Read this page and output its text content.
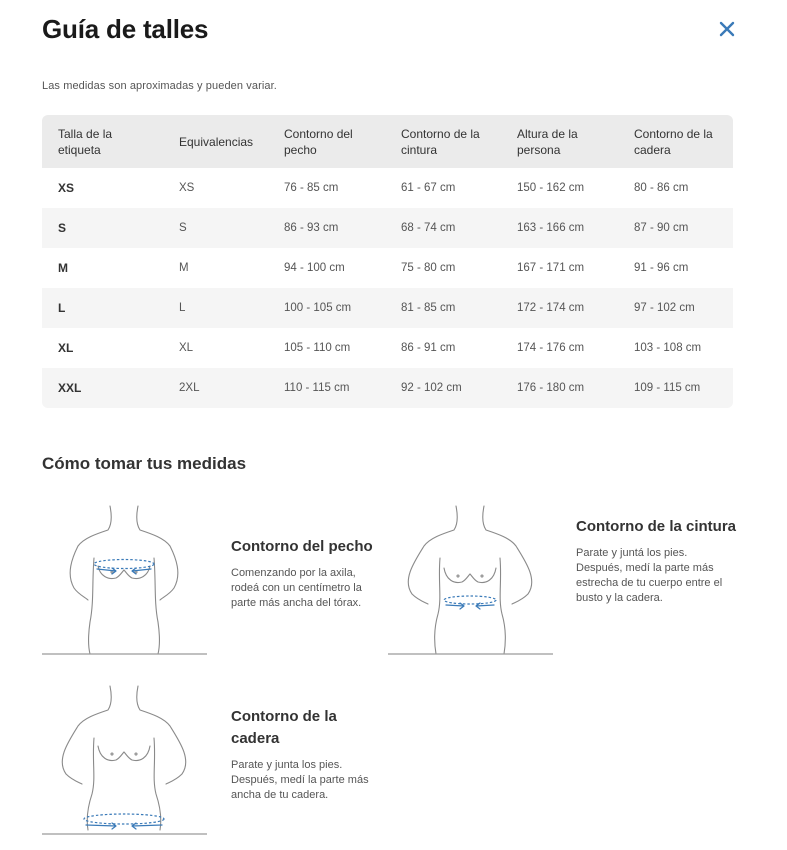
Guía de talles

Las medidas son aproximadas y pueden variar.

Talla de la etiqueta	Equivalencias	Contorno del pecho	Contorno de la cintura	Altura de la persona	Contorno de la cadera
XS	XS	76 - 85 cm	61 - 67 cm	150 - 162 cm	80 - 86 cm
S	S	86 - 93 cm	68 - 74 cm	163 - 166 cm	87 - 90 cm
M	M	94 - 100 cm	75 - 80 cm	167 - 171 cm	91 - 96 cm
L	L	100 - 105 cm	81 - 85 cm	172 - 174 cm	97 - 102 cm
XL	XL	105 - 110 cm	86 - 91 cm	174 - 176 cm	103 - 108 cm
XXL	2XL	110 - 115 cm	92 - 102 cm	176 - 180 cm	109 - 115 cm
Cómo tomar tus medidas
Contorno del pecho
Comenzando por la axila, rodeá con un centímetro la parte más ancha del tórax.
Contorno de la cintura
Parate y juntá los pies. Después, medí la parte más estrecha de tu cuerpo entre el busto y la cadera.
Contorno de la cadera
Parate y junta los pies. Después, medí la parte más ancha de tu cadera.
